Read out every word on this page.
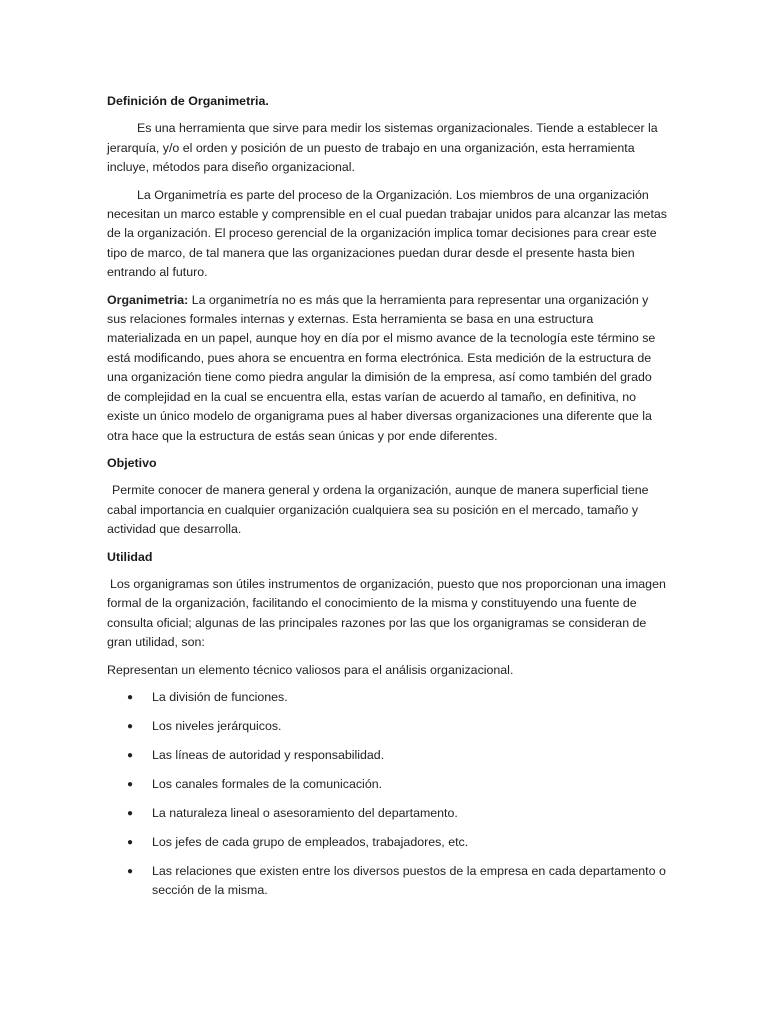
Definición de Organimetria.

Es una herramienta que sirve para medir los sistemas organizacionales. Tiende a establecer la jerarquía, y/o el orden y posición de un puesto de trabajo en una organización, esta herramienta incluye, métodos para diseño organizacional.

La Organimetría es parte del proceso de la Organización. Los miembros de una organización necesitan un marco estable y comprensible en el cual puedan trabajar unidos para alcanzar las metas de la organización. El proceso gerencial de la organización implica tomar decisiones para crear este tipo de marco, de tal manera que las organizaciones puedan durar desde el presente hasta bien entrando al futuro.

Organimetria: La organimetría no es más que la herramienta para representar una organización y sus relaciones formales internas y externas. Esta herramienta se basa en una estructura materializada en un papel, aunque hoy en día por el mismo avance de la tecnología este término se está modificando, pues ahora se encuentra en forma electrónica. Esta medición de la estructura de una organización tiene como piedra angular la dimisión de la empresa, así como también del grado de complejidad en la cual se encuentra ella, estas varían de acuerdo al tamaño, en definitiva, no existe un único modelo de organigrama pues al haber diversas organizaciones una diferente que la otra hace que la estructura de estás sean únicas y por ende diferentes.

Objetivo

Permite conocer de manera general y ordena la organización, aunque de manera superficial tiene cabal importancia en cualquier organización cualquiera sea su posición en el mercado, tamaño y actividad que desarrolla.

Utilidad

Los organigramas son útiles instrumentos de organización, puesto que nos proporcionan una imagen formal de la organización, facilitando el conocimiento de la misma y constituyendo una fuente de consulta oficial; algunas de las principales razones por las que los organigramas se consideran de gran utilidad, son:

Representan un elemento técnico valiosos para el análisis organizacional.

● La división de funciones.
● Los niveles jerárquicos.
● Las líneas de autoridad y responsabilidad.
● Los canales formales de la comunicación.
● La naturaleza lineal o asesoramiento del departamento.
● Los jefes de cada grupo de empleados, trabajadores, etc.
● Las relaciones que existen entre los diversos puestos de la empresa en cada departamento o sección de la misma.
